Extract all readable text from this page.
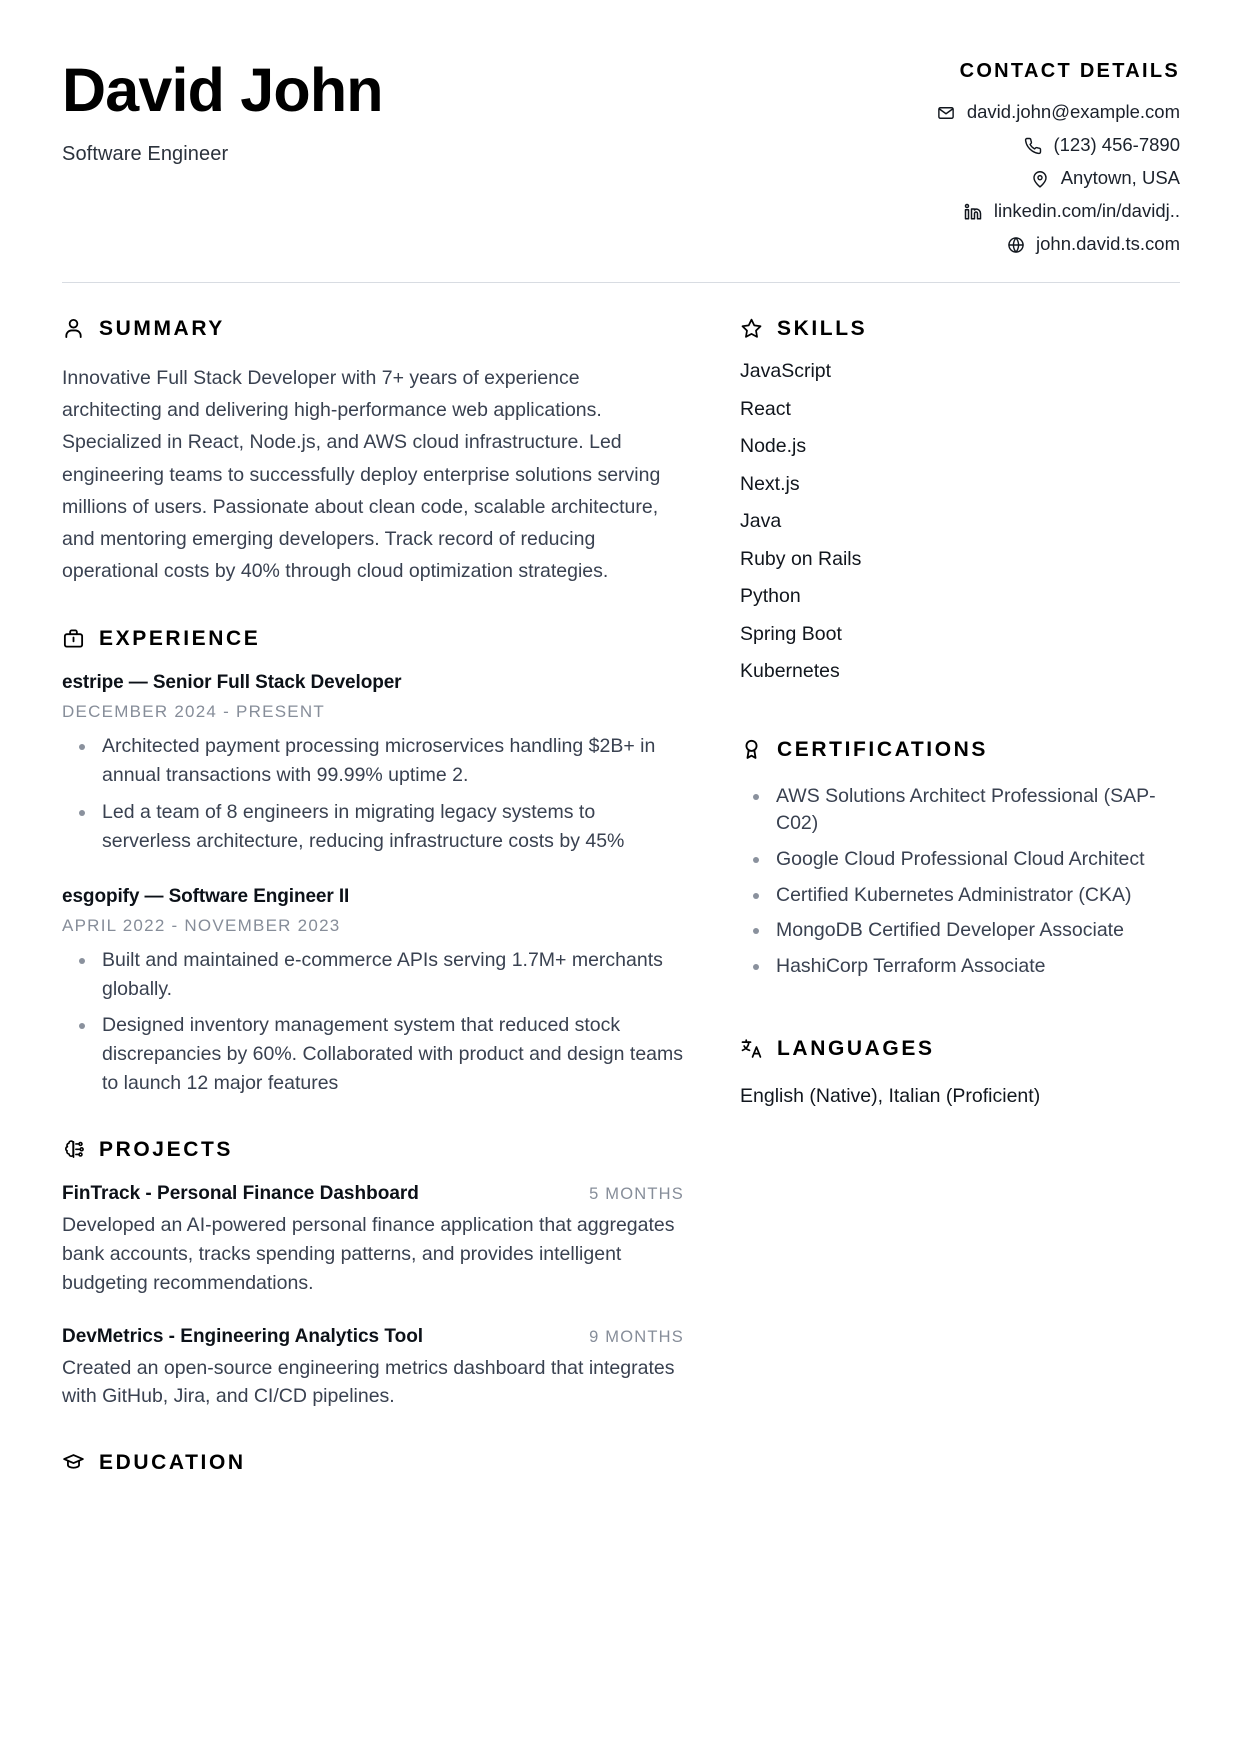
David John
Software Engineer
CONTACT DETAILS
david.john@example.com
(123) 456-7890
Anytown, USA
linkedin.com/in/davidj..
john.david.ts.com
SUMMARY
Innovative Full Stack Developer with 7+ years of experience architecting and delivering high-performance web applications. Specialized in React, Node.js, and AWS cloud infrastructure. Led engineering teams to successfully deploy enterprise solutions serving millions of users. Passionate about clean code, scalable architecture, and mentoring emerging developers. Track record of reducing operational costs by 40% through cloud optimization strategies.
EXPERIENCE
estripe — Senior Full Stack Developer
DECEMBER 2024 - PRESENT
Architected payment processing microservices handling $2B+ in annual transactions with 99.99% uptime 2.
Led a team of 8 engineers in migrating legacy systems to serverless architecture, reducing infrastructure costs by 45%
esgopify — Software Engineer II
APRIL 2022 - NOVEMBER 2023
Built and maintained e-commerce APIs serving 1.7M+ merchants globally.
Designed inventory management system that reduced stock discrepancies by 60%. Collaborated with product and design teams to launch 12 major features
PROJECTS
FinTrack - Personal Finance Dashboard	5 MONTHS
Developed an AI-powered personal finance application that aggregates bank accounts, tracks spending patterns, and provides intelligent budgeting recommendations.
DevMetrics - Engineering Analytics Tool	9 MONTHS
Created an open-source engineering metrics dashboard that integrates with GitHub, Jira, and CI/CD pipelines.
EDUCATION
SKILLS
JavaScript
React
Node.js
Next.js
Java
Ruby on Rails
Python
Spring Boot
Kubernetes
CERTIFICATIONS
AWS Solutions Architect Professional (SAP-C02)
Google Cloud Professional Cloud Architect
Certified Kubernetes Administrator (CKA)
MongoDB Certified Developer Associate
HashiCorp Terraform Associate
LANGUAGES
English (Native), Italian (Proficient)
